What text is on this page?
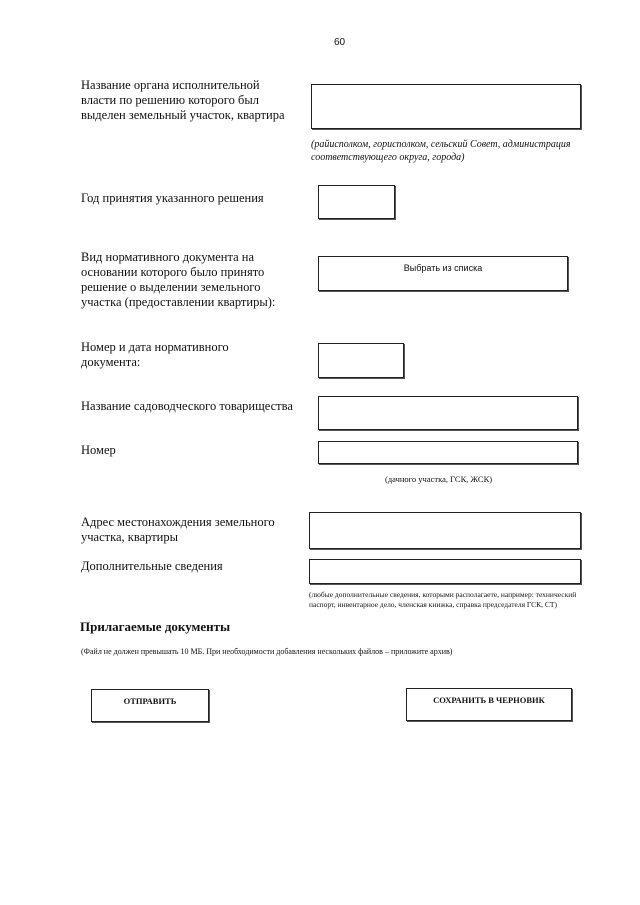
60
Название органа исполнительной власти по решению которого был выделен земельный участок, квартира
(райисполком, горисполком, сельский Совет, администрация соответствующего округа, города)
Год принятия указанного решения
Вид нормативного документа на основании которого было принято решение о выделении земельного участка (предоставлении квартиры):
Выбрать из списка
Номер и дата нормативного документа:
Название садоводческого товарищества
Номер
(дачного участка, ГСК, ЖСК)
Адрес местонахождения земельного участка, квартиры
Дополнительные сведения
(любые дополнительные сведения, которыми располагаете, например: технический паспорт, инвентарное дело, членская книжка, справка председателя ГСК, СТ)
Прилагаемые документы
(Файл не должен превышать 10 МБ. При необходимости добавления нескольких файлов – приложите архив)
ОТПРАВИТЬ	СОХРАНИТЬ В ЧЕРНОВИК
